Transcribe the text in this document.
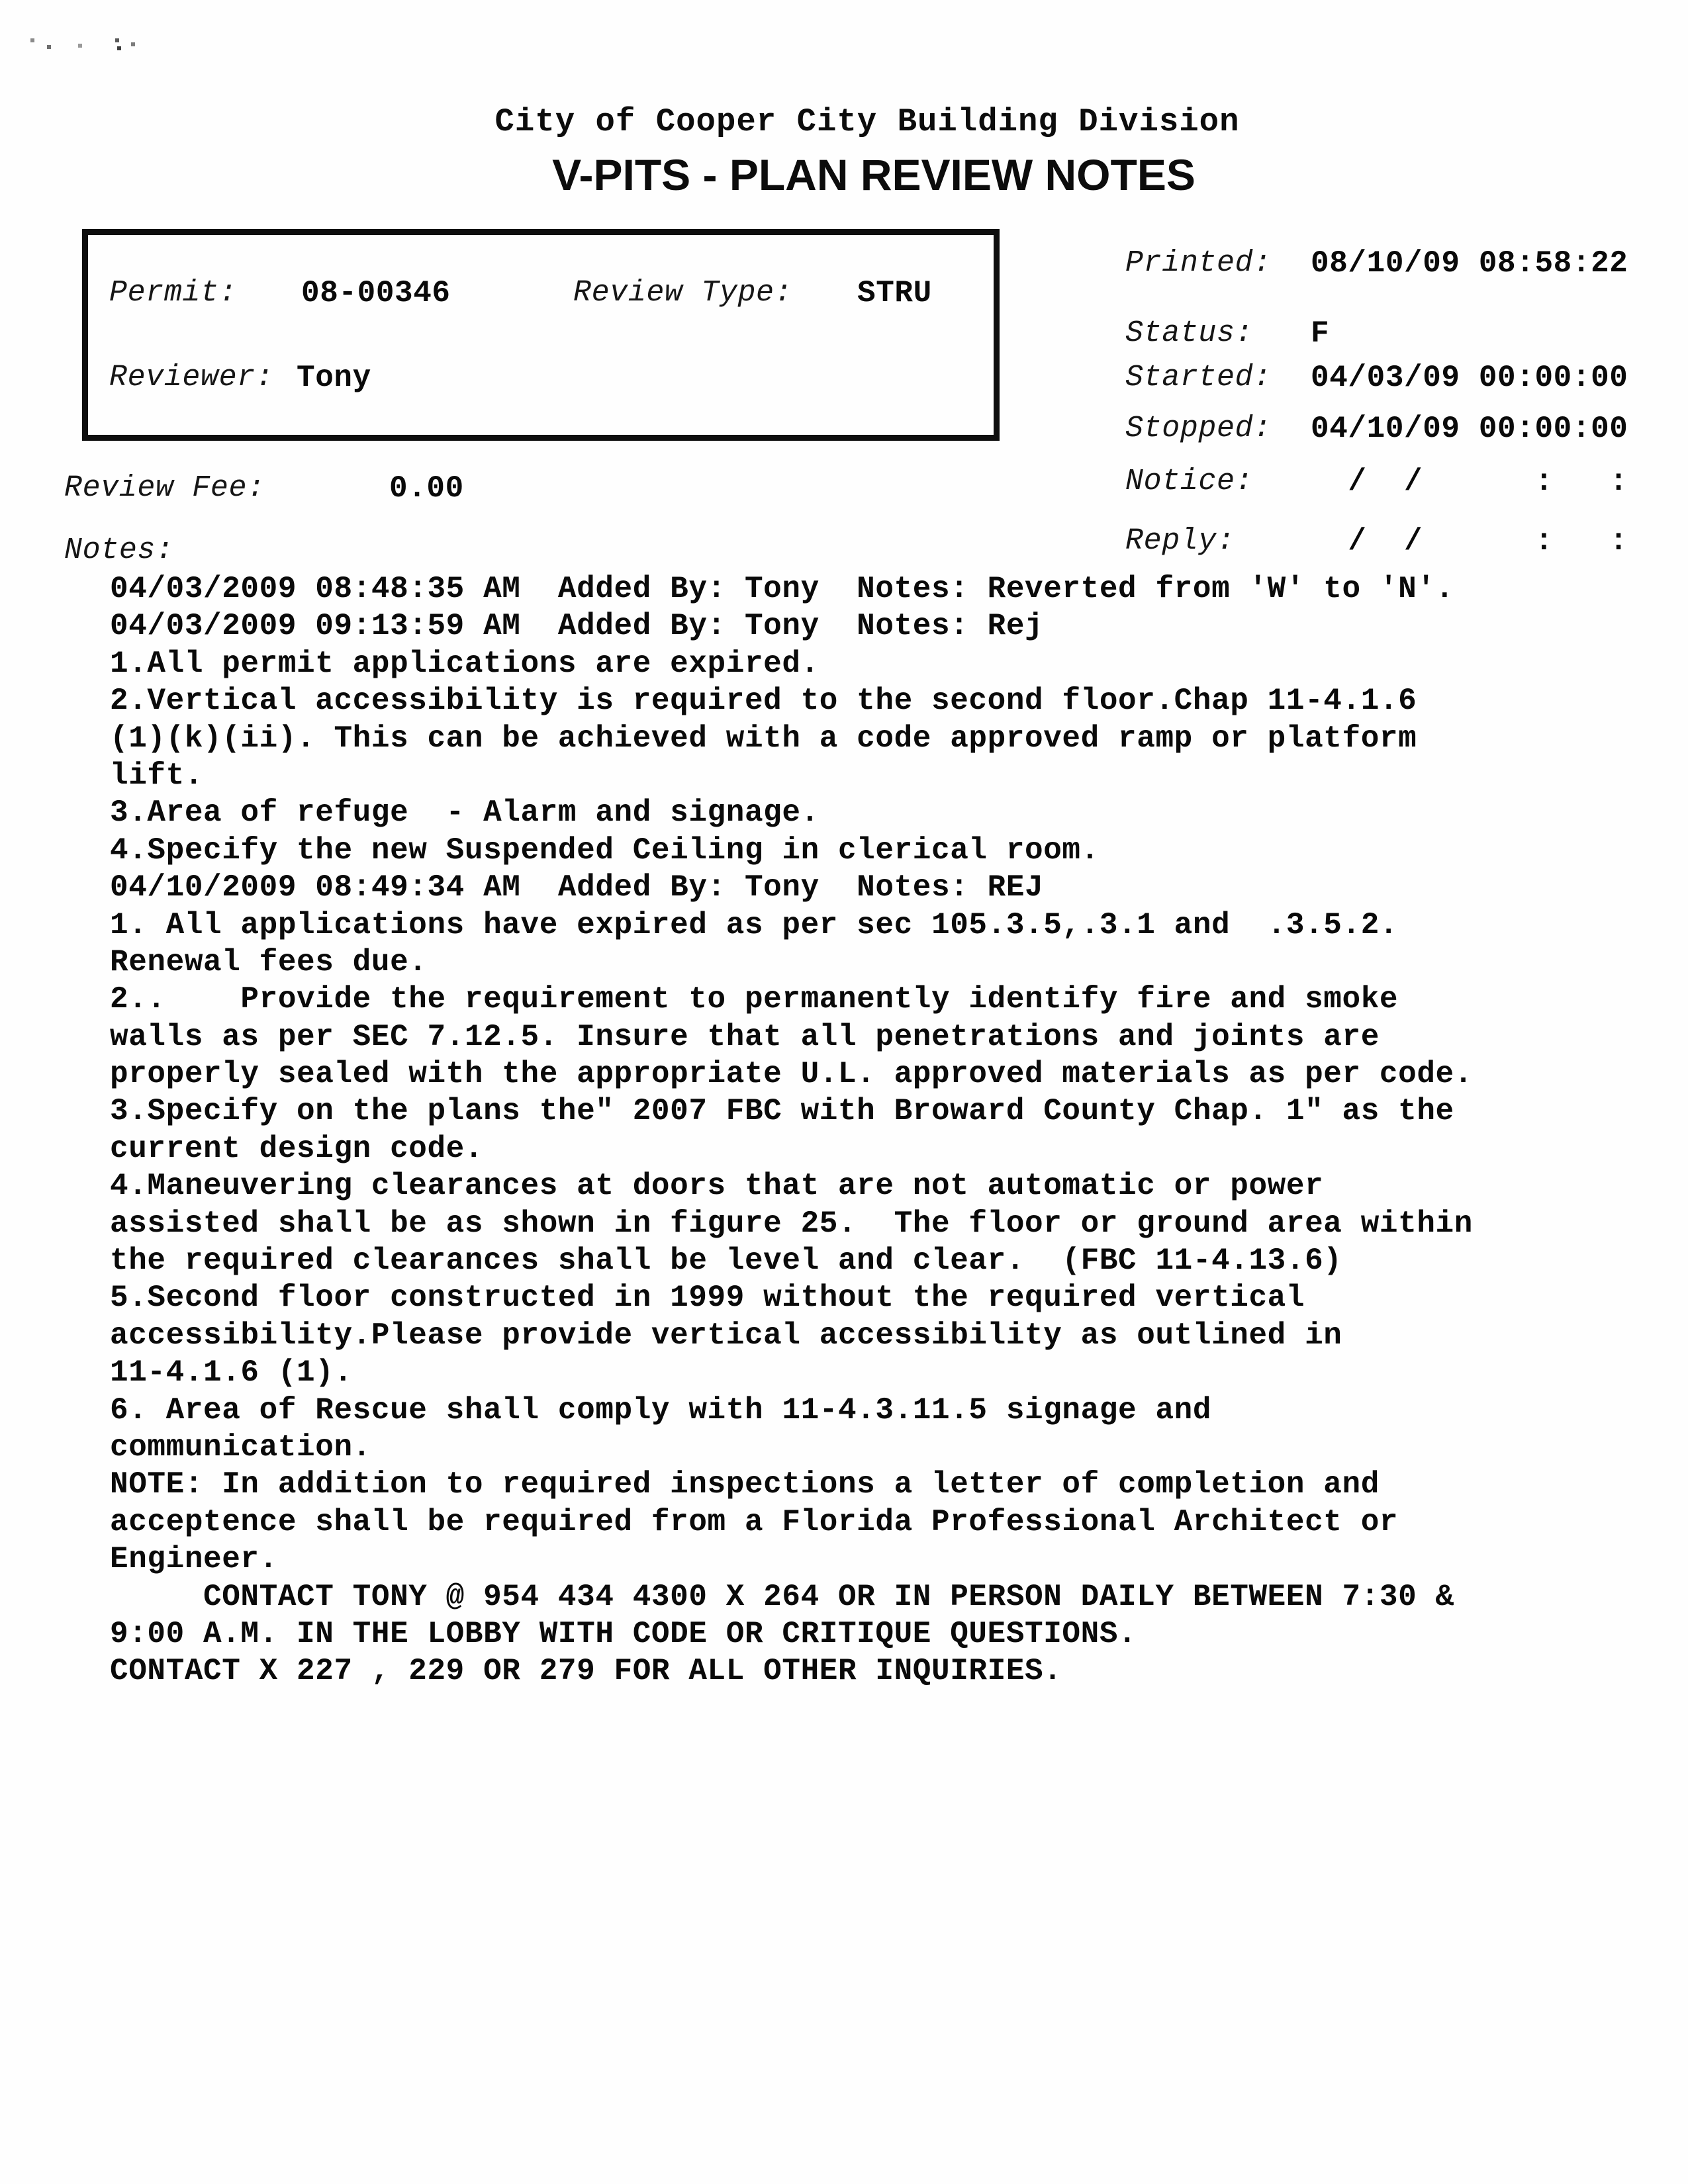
City of Cooper City Building Division
V-PITS - PLAN REVIEW NOTES
Permit: 08-00346	Review Type: STRU
Reviewer: Tony
Printed: 08/10/09 08:58:22
Status: F
Started: 04/03/09 00:00:00
Stopped: 04/10/09 00:00:00
Notice: /  /      :   :
Reply: /  /      :   :
Review Fee:	0.00
Notes:
04/03/2009 08:48:35 AM  Added By: Tony  Notes: Reverted from 'W' to 'N'.
04/03/2009 09:13:59 AM  Added By: Tony  Notes: Rej
1.All permit applications are expired.
2.Vertical accessibility is required to the second floor.Chap 11-4.1.6
(1)(k)(ii). This can be achieved with a code approved ramp or platform
lift.
3.Area of refuge  - Alarm and signage.
4.Specify the new Suspended Ceiling in clerical room.
04/10/2009 08:49:34 AM  Added By: Tony  Notes: REJ
1. All applications have expired as per sec 105.3.5,.3.1 and  .3.5.2.
Renewal fees due.
2..    Provide the requirement to permanently identify fire and smoke
walls as per SEC 7.12.5. Insure that all penetrations and joints are
properly sealed with the appropriate U.L. approved materials as per code.
3.Specify on the plans the" 2007 FBC with Broward County Chap. 1" as the
current design code.
4.Maneuvering clearances at doors that are not automatic or power
assisted shall be as shown in figure 25.  The floor or ground area within
the required clearances shall be level and clear.  (FBC 11-4.13.6)
5.Second floor constructed in 1999 without the required vertical
accessibility.Please provide vertical accessibility as outlined in
11-4.1.6 (1).
6. Area of Rescue shall comply with 11-4.3.11.5 signage and
communication.
NOTE: In addition to required inspections a letter of completion and
acceptence shall be required from a Florida Professional Architect or
Engineer.
CONTACT TONY @ 954 434 4300 X 264 OR IN PERSON DAILY BETWEEN 7:30 &
9:00 A.M. IN THE LOBBY WITH CODE OR CRITIQUE QUESTIONS.
CONTACT X 227 , 229 OR 279 FOR ALL OTHER INQUIRIES.
